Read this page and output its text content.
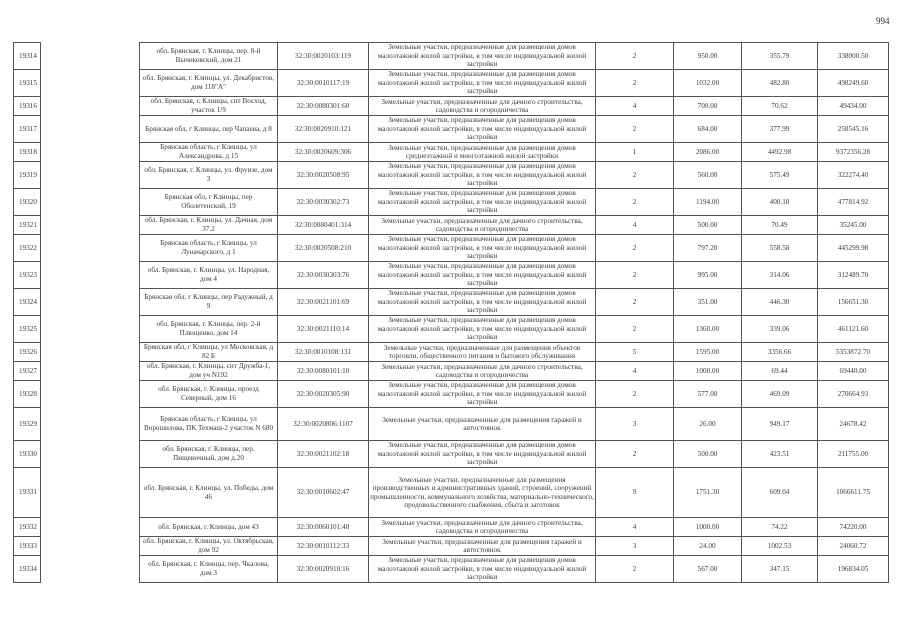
994
19314		обл. Брянская, г. Клинцы, пер. 8-й Вычиковский, дом 21	32:30:0020103:119	Земельные участки, предназначенные для размещения домов малоэтажной жилой застройки, в том числе индивидуальной жилой застройки	2	950.00	355.79	338000.50
19315		обл. Брянская, г. Клинцы, ул. Декабристов, дом 118"А"	32:30:0010117:19	Земельные участки, предназначенные для размещения домов малоэтажной жилой застройки, в том числе индивидуальной жилой застройки	2	1032.00	482.80	498249.60
19316		обл. Брянская, г. Клинцы, снт Восход, участок 1/9	32:30:0080301:60	Земельные участки, предназначенные для дачного строительства, садоводства и огородничества	4	700.00	70.62	49434.00
19317		Брянская обл, г Клинцы, пер Чапаева, д 8	32:30:0020910:121	Земельные участки, предназначенные для размещения домов малоэтажной жилой застройки, в том числе индивидуальной жилой застройки	2	684.00	377.99	258545.16
19318		Брянская область, г Клинцы, ул Александрова, д 15	32:30:0020609:306	Земельные участки, предназначенные для размещения домов среднеэтажной и многоэтажной жилой застройки	1	2086.00	4492.98	9372356.28
19319		обл. Брянская, г. Клинцы, ул. Фрунзе, дом 3	32:30:0020508:95	Земельные участки, предназначенные для размещения домов малоэтажной жилой застройки, в том числе индивидуальной жилой застройки	2	560.00	575.49	322274.40
19320		Брянская обл, г Клинцы, пер Оболетенский, 19	32:30:0030302:73	Земельные участки, предназначенные для размещения домов малоэтажной жилой застройки, в том числе индивидуальной жилой застройки	2	1194.00	400.18	477814.92
19321		обл. Брянская, г. Клинцы, ул. Дачная, дом 37.2	32:30:0080401:314	Земельные участки, предназначенные для дачного строительства, садоводства и огородничества	4	500.00	70.49	35245.00
19322		Брянская область, г Клинцы, ул Луначарского, д 1	32:30:0020508:210	Земельные участки, предназначенные для размещения домов малоэтажной жилой застройки, в том числе индивидуальной жилой застройки	2	797.20	558.58	445299.98
19323		обл. Брянская, г. Клинцы, ул. Народная, дом 4	32:30:0030303:76	Земельные участки, предназначенные для размещения домов малоэтажной жилой застройки, в том числе индивидуальной жилой застройки	2	995.00	314.06	312489.70
19324		Брянская обл, г Клинцы, пер Радужный, д 9	32:30:0021101:69	Земельные участки, предназначенные для размещения домов малоэтажной жилой застройки, в том числе индивидуальной жилой застройки	2	351.00	446.30	156651.30
19325		обл. Брянская, г. Клинцы, пер. 2-й Плющенко, дом 14	32:30:0021110:14	Земельные участки, предназначенные для размещения домов малоэтажной жилой застройки, в том числе индивидуальной жилой застройки	2	1360.00	339.06	461121.60
19326		Брянская обл, г Клинцы, ул Московская, д 82 Б	32:30:0010108:131	Земельные участки, предназначенные для размещения объектов торговли, общественного питания и бытового обслуживания	5	1595.00	3356.66	5353872.70
19327		обл. Брянская, г. Клинцы, снт Дружба-1, дом уч N192	32:30:0080101:10	Земельные участки, предназначенные для дачного строительства, садоводства и огородничества	4	1000.00	69.44	69440.00
19328		обл. Брянская, г. Клинцы, проезд Северный, дом 16	32:30:0020305:90	Земельные участки, предназначенные для размещения домов малоэтажной жилой застройки, в том числе индивидуальной жилой застройки	2	577.00	469.09	270664.93
19329		Брянская область, г Клинцы, ул Ворошилова, ПК Техмаш-2 участок N 680	32:30:0020806:1107	Земельные участки, предназначенные для размещения гаражей и автостоянок	3	26.00	949.17	24678.42
19330		обл. Брянская, г. Клинцы, пер. Пищевичный, дом д.20	32:30:0021102:18	Земельные участки, предназначенные для размещения домов малоэтажной жилой застройки, в том числе индивидуальной жилой застройки	2	500.00	423.51	211755.00
19331		обл. Брянская, г. Клинцы, ул. Победы, дом 46	32:30:0010602:47	Земельные участки, предназначенные для размещения производственных и административных зданий, строений, сооружений промышленности, коммунального хозяйства, материально-технического, продовольственного снабжения, сбыта и заготовок	9	1751.30	609.04	1066611.75
19332		обл. Брянская, г. Клинцы, дом 43	32:30:0060101:48	Земельные участки, предназначенные для дачного строительства, садоводства и огородничества	4	1000.00	74.22	74220.00
19333		обл. Брянская, г. Клинцы, ул. Октябрьская, дом 92	32:30:0010112:33	Земельные участки, предназначенные для размещения гаражей и автостоянок	3	24.00	1002.53	24060.72
19334		обл. Брянская, г. Клинцы, пер. Чкалова, дом 3	32:30:0020910:16	Земельные участки, предназначенные для размещения домов малоэтажной жилой застройки, в том числе индивидуальной жилой застройки	2	567.00	347.15	196834.05
